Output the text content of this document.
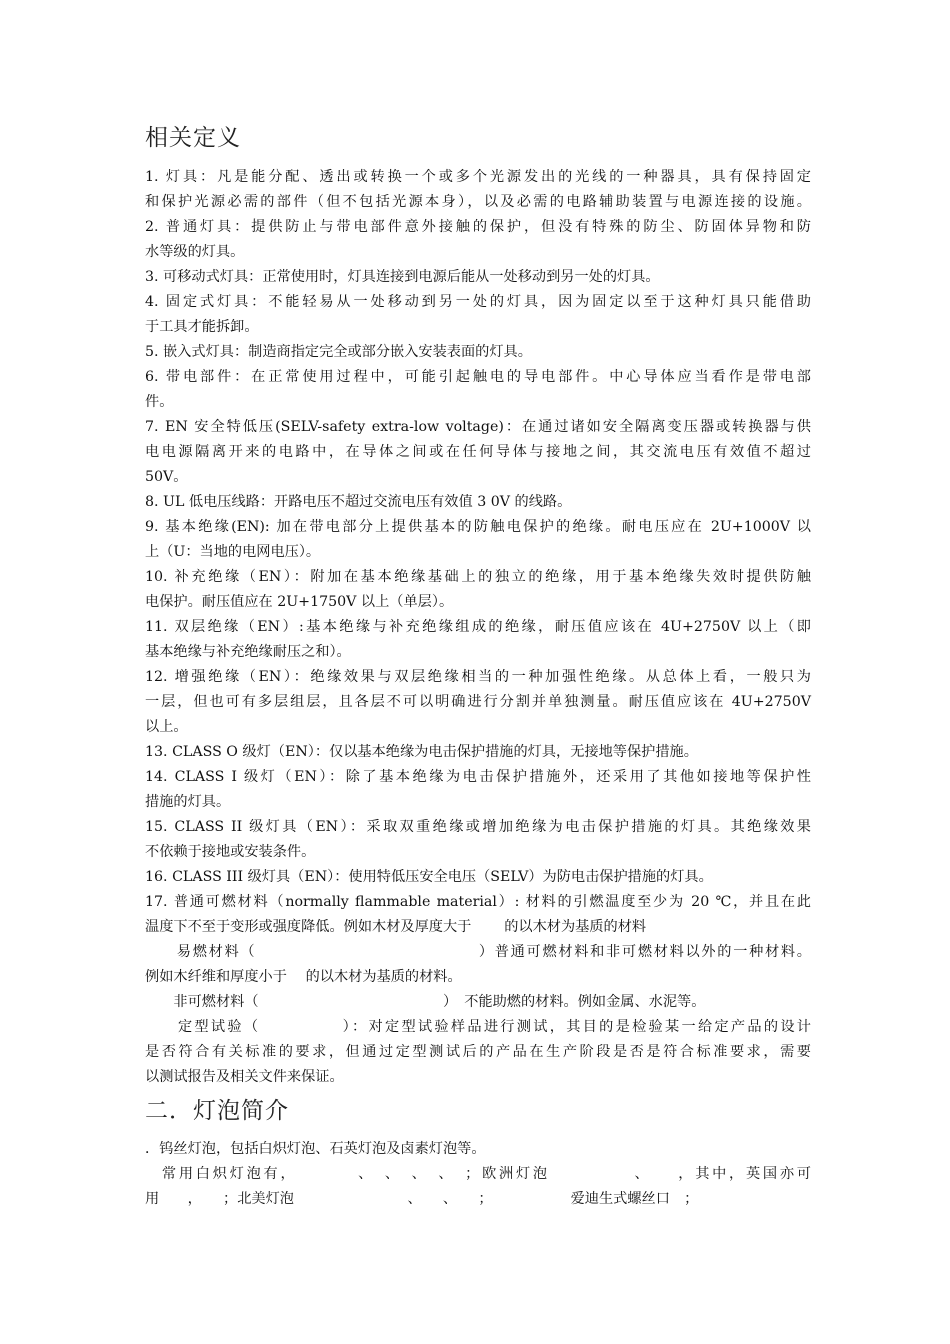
相关定义

1. 灯具：凡是能分配、透出或转换一个或多个光源发出的光线的一种器具，具有保持固定

和保护光源必需的部件（但不包括光源本身），以及必需的电路辅助装置与电源连接的设施。

2. 普通灯具：提供防止与带电部件意外接触的保护，但没有特殊的防尘、防固体异物和防

水等级的灯具。

3. 可移动式灯具：正常使用时，灯具连接到电源后能从一处移动到另一处的灯具。

4. 固定式灯具：不能轻易从一处移动到另一处的灯具，因为固定以至于这种灯具只能借助

于工具才能拆卸。

5. 嵌入式灯具：制造商指定完全或部分嵌入安装表面的灯具。

6. 带电部件：在正常使用过程中，可能引起触电的导电部件。中心导体应当看作是带电部

件。

7. EN 安全特低压(SELV-safety extra-low voltage)：在通过诸如安全隔离变压器或转换器与供

电电源隔离开来的电路中，在导体之间或在任何导体与接地之间，其交流电压有效值不超过

50V。

8. UL 低电压线路：开路电压不超过交流电压有效值 3 0V 的线路。

9. 基本绝缘(EN): 加在带电部分上提供基本的防触电保护的绝缘。耐电压应在 2U+1000V 以

上（U：当地的电网电压）。

10. 补充绝缘（EN）：附加在基本绝缘基础上的独立的绝缘，用于基本绝缘失效时提供防触

电保护。耐压值应在 2U+1750V 以上（单层）。

11. 双层绝缘（EN）:基本绝缘与补充绝缘组成的绝缘，耐压值应该在 4U+2750V 以上（即

基本绝缘与补充绝缘耐压之和）。

12. 增强绝缘（EN）：绝缘效果与双层绝缘相当的一种加强性绝缘。从总体上看，一般只为

一层，但也可有多层组层，且各层不可以明确进行分割并单独测量。耐压值应该在 4U+2750V

以上。

13. CLASS O 级灯（EN）：仅以基本绝缘为电击保护措施的灯具，无接地等保护措施。

14. CLASS I 级灯（EN）：除了基本绝缘为电击保护措施外，还采用了其他如接地等保护性

措施的灯具。

15. CLASS II 级灯具（EN）：采取双重绝缘或增加绝缘为电击保护措施的灯具。其绝缘效果

不依赖于接地或安装条件。

16. CLASS III 级灯具（EN）：使用特低压安全电压（SELV）为防电击保护措施的灯具。

17. 普通可燃材料（normally flammable material）: 材料的引燃温度至少为 20 ℃，并且在此

温度下不至于变形或强度降低。例如木材及厚度大于　　 的以木材为基质的材料

　　易燃材料（　　　　　　　　　　　　　　）普通可燃材料和非可燃材料以外的一种材料。

例如木纤维和厚度小于　 的以木材为基质的材料。

　　非可燃材料（　　　　　　　　　　　　　）　不能助燃的材料。例如金属、水泥等。

　　定型试验（　　　　　）：对定型试验样品进行测试，其目的是检验某一给定产品的设计

是否符合有关标准的要求，但通过定型测试后的产品在生产阶段是否是符合标准要求，需要

以测试报告及相关文件来保证。

二．灯泡简介

．钨丝灯泡，包括白炽灯泡、石英灯泡及卤素灯泡等。

　常用白炽灯泡有，　　　　、　、　、　、　；欧洲灯泡　　　　　、　　，其中，英国亦可

用　　，　　；北美灯泡　　　　　　　　、　　、　　；　　　　　　爱迪生式螺丝口　；
